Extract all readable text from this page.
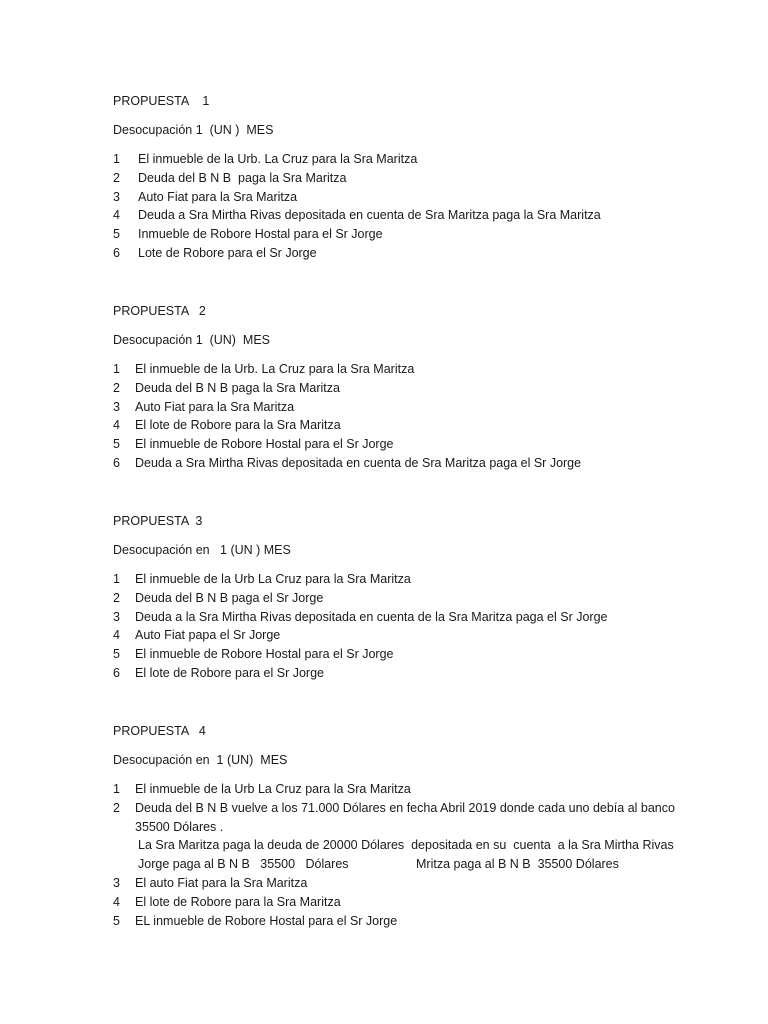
PROPUESTA    1
Desocupación 1  (UN )  MES
1 El inmueble de la Urb. La Cruz para la Sra Maritza
2 Deuda del B N B  paga la Sra Maritza
3 Auto Fiat para la Sra Maritza
4 Deuda a Sra Mirtha Rivas depositada en cuenta de Sra Maritza paga la Sra Maritza
5 Inmueble de Robore Hostal para el Sr Jorge
6 Lote de Robore para el Sr Jorge
PROPUESTA   2
Desocupación 1  (UN)  MES
1 El inmueble de la Urb. La Cruz para la Sra Maritza
2 Deuda del B N B paga la Sra Maritza
3 Auto Fiat para la Sra Maritza
4 El lote de Robore para la Sra Maritza
5 El inmueble de Robore Hostal para el Sr Jorge
6 Deuda a Sra Mirtha Rivas depositada en cuenta de Sra Maritza paga el Sr Jorge
PROPUESTA  3
Desocupación en   1 (UN ) MES
1 El inmueble de la Urb La Cruz para la Sra Maritza
2 Deuda del B N B paga el Sr Jorge
3 Deuda a la Sra Mirtha Rivas depositada en cuenta de la Sra Maritza paga el Sr Jorge
4 Auto Fiat papa el Sr Jorge
5 El inmueble de Robore Hostal para el Sr Jorge
6 El lote de Robore para el Sr Jorge
PROPUESTA   4
Desocupación en  1 (UN)  MES
1 El inmueble de la Urb La Cruz para la Sra Maritza
2 Deuda del B N B vuelve a los 71.000 Dólares en fecha Abril 2019 donde cada uno debía al banco
35500 Dólares .
La Sra Maritza paga la deuda de 20000 Dólares  depositada en su  cuenta  a la Sra Mirtha Rivas
Jorge paga al B N B   35500   Dólares	Mritza paga al B N B  35500 Dólares
3 El auto Fiat para la Sra Maritza
4 El lote de Robore para la Sra Maritza
5 EL inmueble de Robore Hostal para el Sr Jorge
